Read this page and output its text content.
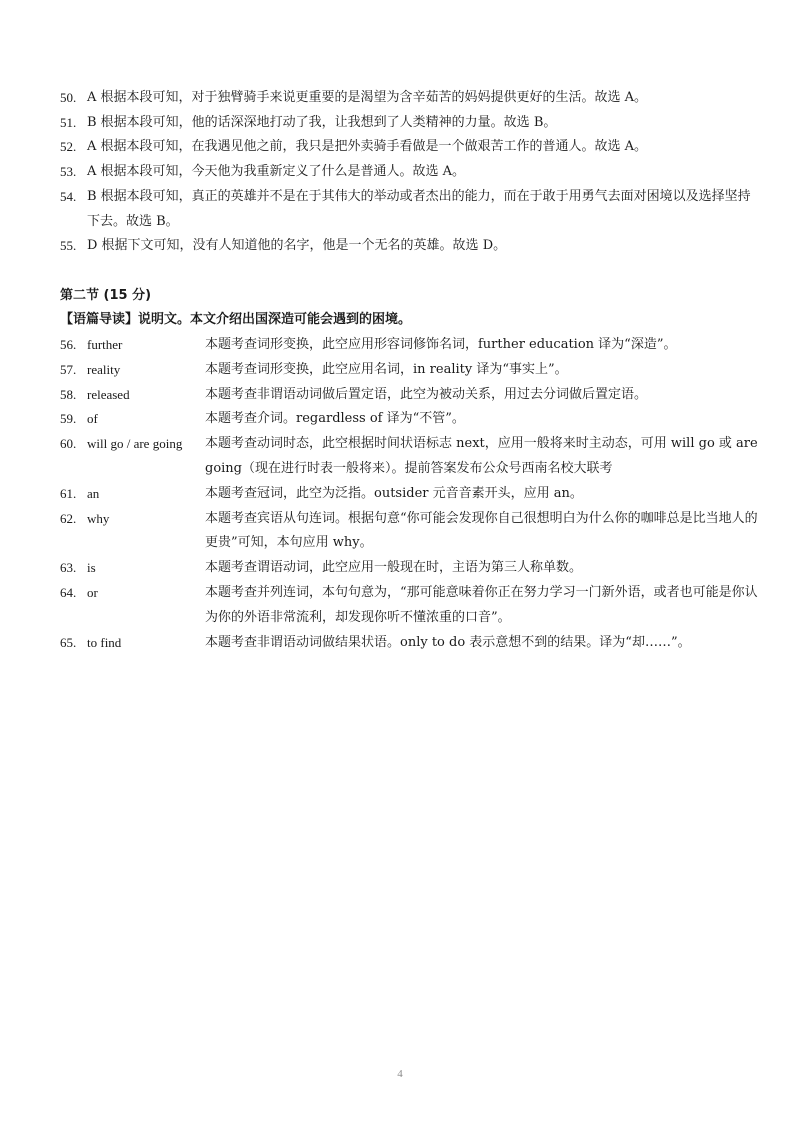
50. A 根据本段可知，对于独臂骑手来说更重要的是渴望为含辛茹苦的妈妈提供更好的生活。故选 A。
51. B 根据本段可知，他的话深深地打动了我，让我想到了人类精神的力量。故选 B。
52. A 根据本段可知，在我遇见他之前，我只是把外卖骑手看做是一个做艰苦工作的普通人。故选 A。
53. A 根据本段可知，今天他为我重新定义了什么是普通人。故选 A。
54. B 根据本段可知，真正的英雄并不是在于其伟大的举动或者杰出的能力，而在于敢于用勇气去面对困境以及选择坚持下去。故选 B。
55. D 根据下文可知，没有人知道他的名字，他是一个无名的英雄。故选 D。
第二节 (15 分)
【语篇导读】说明文。本文介绍出国深造可能会遇到的困境。
56. further	本题考查词形变换，此空应用形容词修饰名词，further education 译为“深造”。
57. reality	本题考查词形变换，此空应用名词，in reality 译为“事实上”。
58. released	本题考查非谓语动词做后置定语，此空为被动关系，用过去分词做后置定语。
59. of	本题考查介词。regardless of 译为“不管”。
60. will go / are going	本题考查动词时态，此空根据时间状语标志 next，应用一般将来时主动态，可用 will go 或 are going（现在进行时表一般将来）。提前答案发布公众号西南名校大联考
61. an	本题考查冠词，此空为泛指。outsider 元音音素开头，应用 an。
62. why	本题考查宾语从句连词。根据句意“你可能会发现你自己很想明白为什么你的咖啡总是比当地人的更贵”可知，本句应用 why。
63. is	本题考查谓语动词，此空应用一般现在时，主语为第三人称单数。
64. or	本题考查并列连词，本句句意为，“那可能意味着你正在努力学习一门新外语，或者也可能是你认为你的外语非常流利，却发现你听不懂浓重的口音”。
65. to find	本题考查非谓语动词做结果状语。only to do 表示意想不到的结果。译为“却……”。
4
